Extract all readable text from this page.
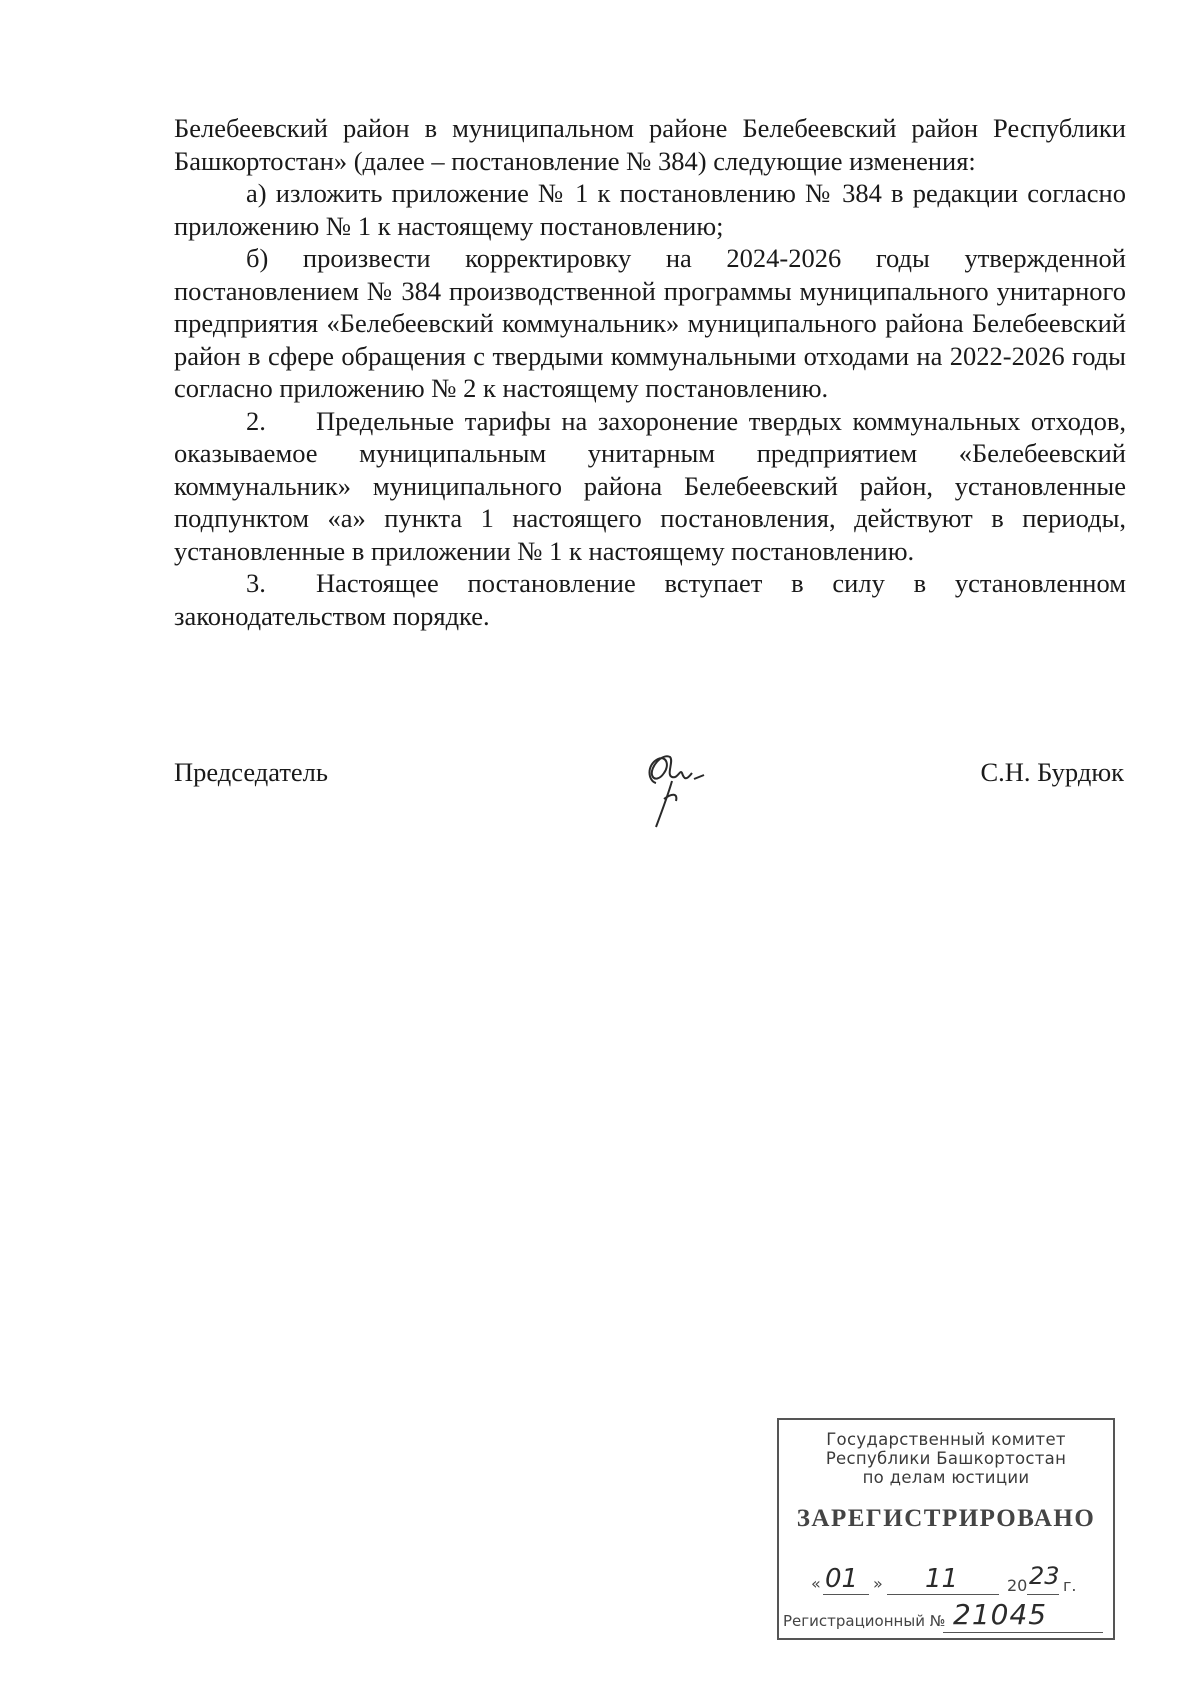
Белебеевский район в муниципальном районе Белебеевский район Республики Башкортостан» (далее – постановление № 384) следующие изменения:

а) изложить приложение № 1 к постановлению № 384 в редакции согласно приложению № 1 к настоящему постановлению;

б) произвести корректировку на 2024-2026 годы утвержденной постановлением № 384 производственной программы муниципального унитарного предприятия «Белебеевский коммунальник» муниципального района Белебеевский район в сфере обращения с твердыми коммунальными отходами на 2022-2026 годы согласно приложению № 2 к настоящему постановлению.

2. Предельные тарифы на захоронение твердых коммунальных отходов, оказываемое муниципальным унитарным предприятием «Белебеевский коммунальник» муниципального района Белебеевский район, установленные подпунктом «а» пункта 1 настоящего постановления, действуют в периоды, установленные в приложении № 1 к настоящему постановлению.

3. Настоящее постановление вступает в силу в установленном законодательством порядке.

Председатель	С.Н. Бурдюк
Государственный комитет
Республики Башкортостан
по делам юстиции
ЗАРЕГИСТРИРОВАНО
« 01 » 11	20 23 г.
Регистрационный № 21045
